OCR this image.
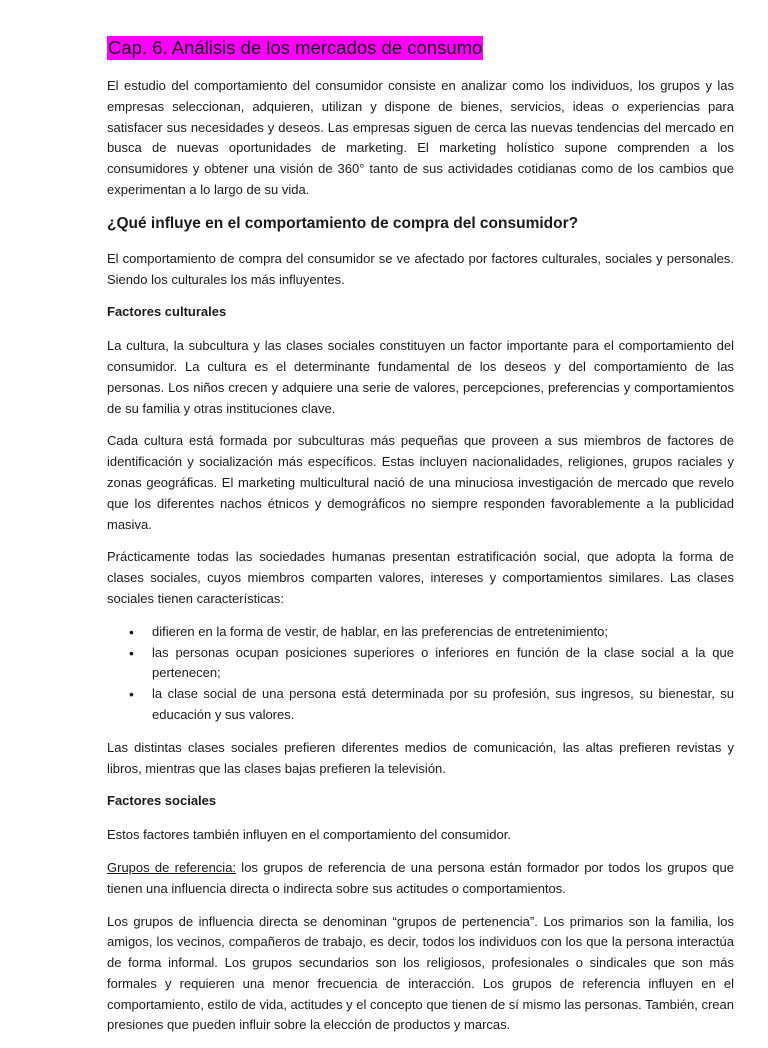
Cap. 6. Análisis de los mercados de consumo

El estudio del comportamiento del consumidor consiste en analizar como los individuos, los grupos y las empresas seleccionan, adquieren, utilizan y dispone de bienes, servicios, ideas o experiencias para satisfacer sus necesidades y deseos. Las empresas siguen de cerca las nuevas tendencias del mercado en busca de nuevas oportunidades de marketing. El marketing holístico supone comprenden a los consumidores y obtener una visión de 360° tanto de sus actividades cotidianas como de los cambios que experimentan a lo largo de su vida.

¿Qué influye en el comportamiento de compra del consumidor?

El comportamiento de compra del consumidor se ve afectado por factores culturales, sociales y personales. Siendo los culturales los más influyentes.

Factores culturales

La cultura, la subcultura y las clases sociales constituyen un factor importante para el comportamiento del consumidor. La cultura es el determinante fundamental de los deseos y del comportamiento de las personas. Los niños crecen y adquiere una serie de valores, percepciones, preferencias y comportamientos de su familia y otras instituciones clave.

Cada cultura está formada por subculturas más pequeñas que proveen a sus miembros de factores de identificación y socialización más específicos. Estas incluyen nacionalidades, religiones, grupos raciales y zonas geográficas. El marketing multicultural nació de una minuciosa investigación de mercado que revelo que los diferentes nachos étnicos y demográficos no siempre responden favorablemente a la publicidad masiva.

Prácticamente todas las sociedades humanas presentan estratificación social, que adopta la forma de clases sociales, cuyos miembros comparten valores, intereses y comportamientos similares. Las clases sociales tienen características:

• difieren en la forma de vestir, de hablar, en las preferencias de entretenimiento;
• las personas ocupan posiciones superiores o inferiores en función de la clase social a la que pertenecen;
• la clase social de una persona está determinada por su profesión, sus ingresos, su bienestar, su educación y sus valores.

Las distintas clases sociales prefieren diferentes medios de comunicación, las altas prefieren revistas y libros, mientras que las clases bajas prefieren la televisión.

Factores sociales

Estos factores también influyen en el comportamiento del consumidor.

Grupos de referencia: los grupos de referencia de una persona están formador por todos los grupos que tienen una influencia directa o indirecta sobre sus actitudes o comportamientos.

Los grupos de influencia directa se denominan “grupos de pertenencia”. Los primarios son la familia, los amigos, los vecinos, compañeros de trabajo, es decir, todos los individuos con los que la persona interactúa de forma informal. Los grupos secundarios son los religiosos, profesionales o sindicales que son más formales y requieren una menor frecuencia de interacción. Los grupos de referencia influyen en el comportamiento, estilo de vida, actitudes y el concepto que tienen de sí mismo las personas. También, crean presiones que pueden influir sobre la elección de productos y marcas.
